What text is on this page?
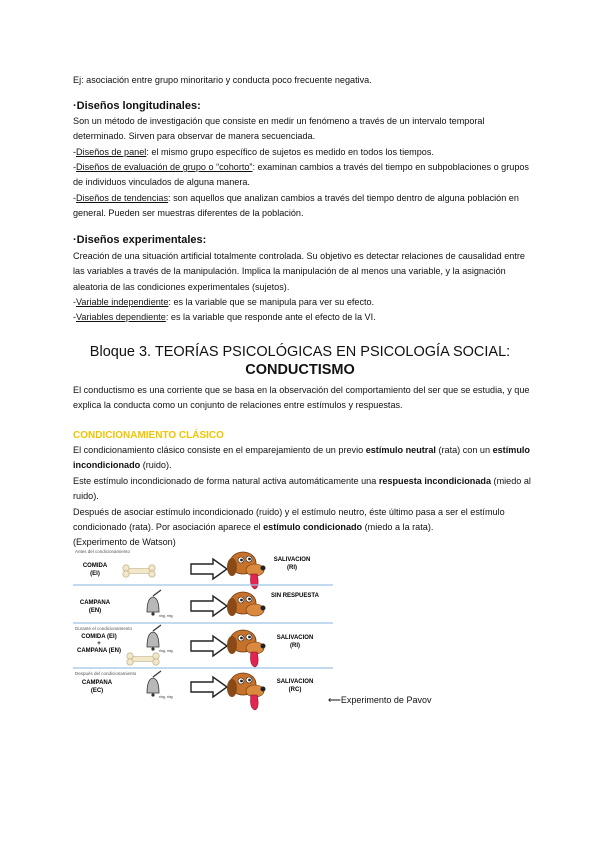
Ej: asociación entre grupo minoritario y conducta poco frecuente negativa.

·Diseños longitudinales:

Son un método de investigación que consiste en medir un fenómeno a través de un intervalo temporal determinado. Sirven para observar de manera secuenciada.

-Diseños de panel: el mismo grupo específico de sujetos es medido en todos los tiempos.

-Diseños de evaluación de grupo o “cohorto”: examinan cambios a través del tiempo en subpoblaciones o grupos de individuos vinculados de alguna manera.

-Diseños de tendencias: son aquellos que analizan cambios a través del tiempo dentro de alguna población en general. Pueden ser muestras diferentes de la población.

·Diseños experimentales:

Creación de una situación artificial totalmente controlada. Su objetivo es detectar relaciones de causalidad entre las variables a través de la manipulación. Implica la manipulación de al menos una variable, y la asignación aleatoria de las condiciones experimentales (sujetos).

-Variable independiente: es la variable que se manipula para ver su efecto.

-Variables dependiente: es la variable que responde ante el efecto de la VI.

Bloque 3. TEORÍAS PSICOLÓGICAS EN PSICOLOGÍA SOCIAL:
CONDUCTISMO

El conductismo es una corriente que se basa en la observación del comportamiento del ser que se estudia, y que explica la conducta como un conjunto de relaciones entre estímulos y respuestas.

CONDICIONAMIENTO CLÁSICO

El condicionamiento clásico consiste en el emparejamiento de un previo estímulo neutral (rata) con un estímulo incondicionado (ruido).

Este estímulo incondicionado de forma natural activa automáticamente una respuesta incondicionada (miedo al ruido).

Después de asociar estímulo incondicionado (ruido) y el estímulo neutro, éste último pasa a ser el estímulo condicionado (rata). Por asociación aparece el estímulo condicionado (miedo a la rata).

(Experimento de Watson)

Antes del condicionamiento
COMIDA
(EI)
SALIVACION
(RI)
CAMPANA
(EN)
ring, ring
SIN RESPUESTA
Durante el condicionamiento
COMIDA (EI)
+
CAMPANA (EN)	ring, ring
SALIVACION
(RI)
Después del condicionamiento
CAMPANA
(EC)
ring, ring
SALIVACION
(RC)

⟵Experimento de Pavov
